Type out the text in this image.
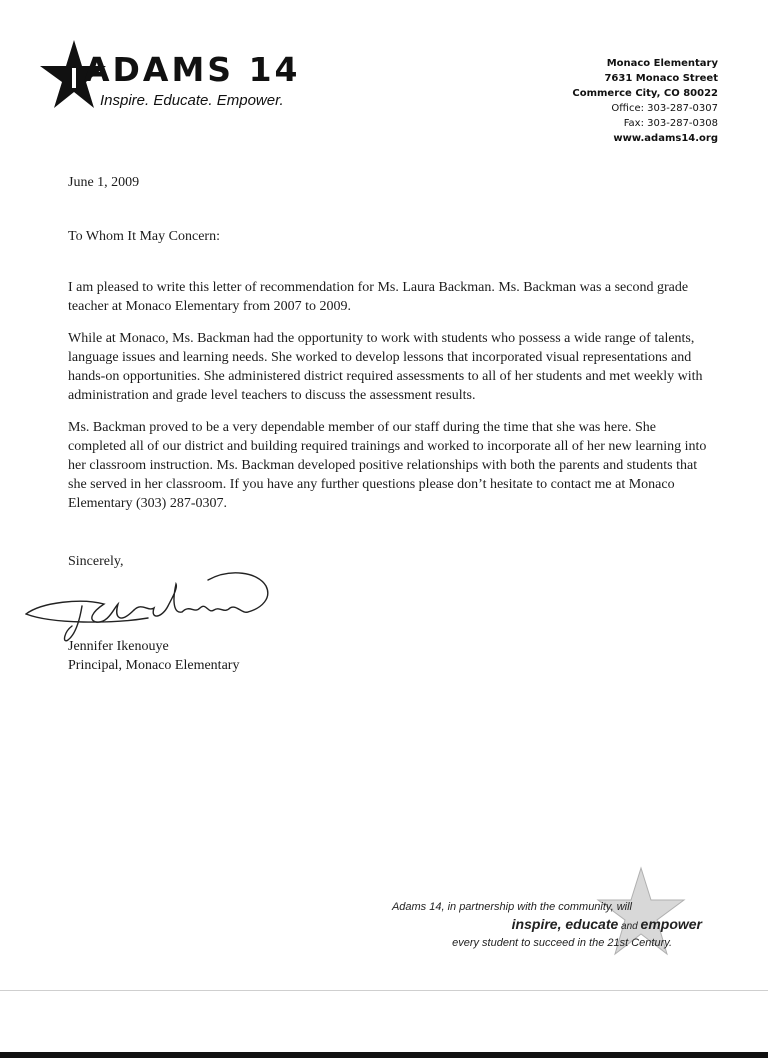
ADAMS 14
Inspire. Educate. Empower.
Monaco Elementary
7631 Monaco Street
Commerce City, CO 80022
Office: 303-287-0307
Fax: 303-287-0308
www.adams14.org
June 1, 2009
To Whom It May Concern:
I am pleased to write this letter of recommendation for Ms. Laura Backman. Ms. Backman was a second grade teacher at Monaco Elementary from 2007 to 2009.
While at Monaco, Ms. Backman had the opportunity to work with students who possess a wide range of talents, language issues and learning needs. She worked to develop lessons that incorporated visual representations and hands-on opportunities. She administered district required assessments to all of her students and met weekly with administration and grade level teachers to discuss the assessment results.
Ms. Backman proved to be a very dependable member of our staff during the time that she was here. She completed all of our district and building required trainings and worked to incorporate all of her new learning into her classroom instruction. Ms. Backman developed positive relationships with both the parents and students that she served in her classroom. If you have any further questions please don’t hesitate to contact me at Monaco Elementary (303) 287-0307.
Sincerely,
Jennifer Ikenouye
Principal, Monaco Elementary
Adams 14, in partnership with the community, will
inspire, educate and empower
every student to succeed in the 21st Century.
